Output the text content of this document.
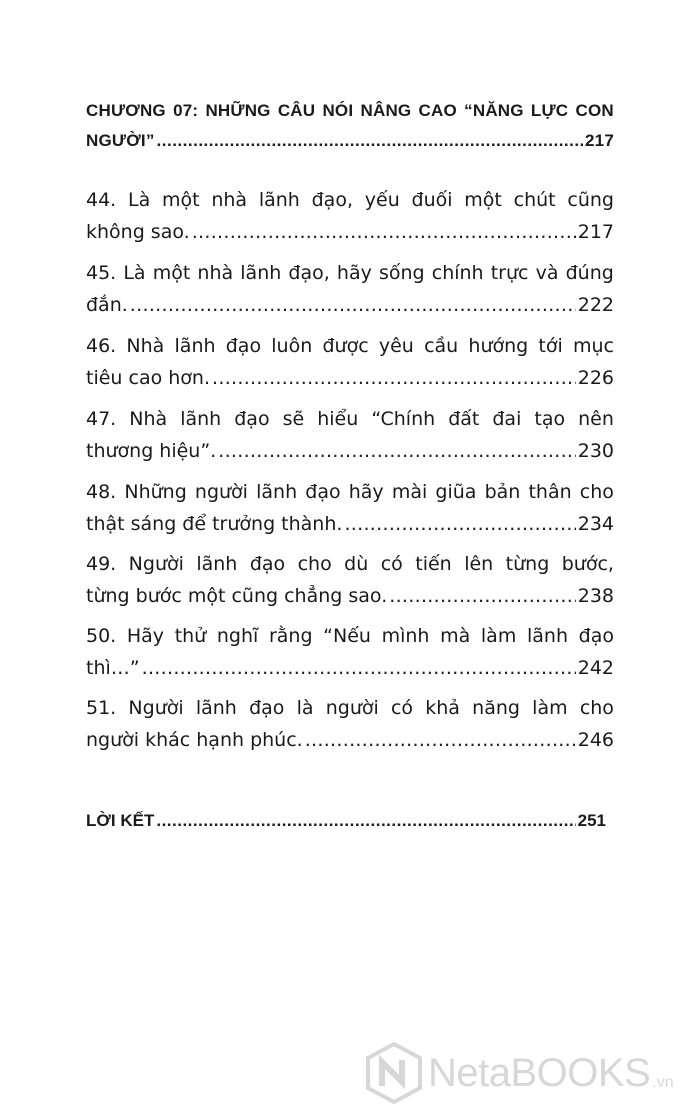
CHƯƠNG 07: NHỮNG CÂU NÓI NÂNG CAO “NĂNG LỰC CON
NGƯỜI” .....	217
44. Là một nhà lãnh đạo, yếu đuối một chút cũng
không sao. .....	217
45. Là một nhà lãnh đạo, hãy sống chính trực và đúng
đắn. .....	222
46. Nhà lãnh đạo luôn được yêu cầu hướng tới mục
tiêu cao hơn. .....	226
47. Nhà lãnh đạo sẽ hiểu “Chính đất đai tạo nên
thương hiệu”. .....	230
48. Những người lãnh đạo hãy mài giũa bản thân cho
thật sáng để trưởng thành. .....	234
49. Người lãnh đạo cho dù có tiến lên từng bước,
từng bước một cũng chẳng sao. .....	238
50. Hãy thử nghĩ rằng “Nếu mình mà làm lãnh đạo
thì…” .....	242
51. Người lãnh đạo là người có khả năng làm cho
người khác hạnh phúc. .....	246
LỜI KẾT .....	251
NetaBOOKS .vn
